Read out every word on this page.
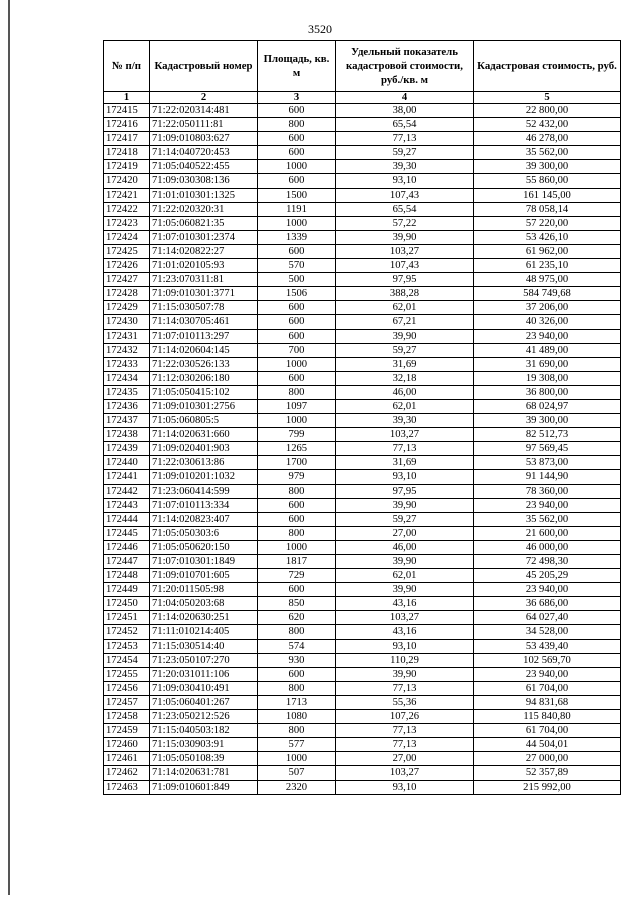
3520
№ п/п	Кадастровый номер	Площадь, кв. м	Удельный показатель кадастровой стоимости, руб./кв. м	Кадастровая стоимость, руб.
1	2	3	4	5
172415	71:22:020314:481	600	38,00	22 800,00
172416	71:22:050111:81	800	65,54	52 432,00
172417	71:09:010803:627	600	77,13	46 278,00
172418	71:14:040720:453	600	59,27	35 562,00
172419	71:05:040522:455	1000	39,30	39 300,00
172420	71:09:030308:136	600	93,10	55 860,00
172421	71:01:010301:1325	1500	107,43	161 145,00
172422	71:22:020320:31	1191	65,54	78 058,14
172423	71:05:060821:35	1000	57,22	57 220,00
172424	71:07:010301:2374	1339	39,90	53 426,10
172425	71:14:020822:27	600	103,27	61 962,00
172426	71:01:020105:93	570	107,43	61 235,10
172427	71:23:070311:81	500	97,95	48 975,00
172428	71:09:010301:3771	1506	388,28	584 749,68
172429	71:15:030507:78	600	62,01	37 206,00
172430	71:14:030705:461	600	67,21	40 326,00
172431	71:07:010113:297	600	39,90	23 940,00
172432	71:14:020604:145	700	59,27	41 489,00
172433	71:22:030526:133	1000	31,69	31 690,00
172434	71:12:030206:180	600	32,18	19 308,00
172435	71:05:050415:102	800	46,00	36 800,00
172436	71:09:010301:2756	1097	62,01	68 024,97
172437	71:05:060805:5	1000	39,30	39 300,00
172438	71:14:020631:660	799	103,27	82 512,73
172439	71:09:020401:903	1265	77,13	97 569,45
172440	71:22:030613:86	1700	31,69	53 873,00
172441	71:09:010201:1032	979	93,10	91 144,90
172442	71:23:060414:599	800	97,95	78 360,00
172443	71:07:010113:334	600	39,90	23 940,00
172444	71:14:020823:407	600	59,27	35 562,00
172445	71:05:050303:6	800	27,00	21 600,00
172446	71:05:050620:150	1000	46,00	46 000,00
172447	71:07:010301:1849	1817	39,90	72 498,30
172448	71:09:010701:605	729	62,01	45 205,29
172449	71:20:011505:98	600	39,90	23 940,00
172450	71:04:050203:68	850	43,16	36 686,00
172451	71:14:020630:251	620	103,27	64 027,40
172452	71:11:010214:405	800	43,16	34 528,00
172453	71:15:030514:40	574	93,10	53 439,40
172454	71:23:050107:270	930	110,29	102 569,70
172455	71:20:031011:106	600	39,90	23 940,00
172456	71:09:030410:491	800	77,13	61 704,00
172457	71:05:060401:267	1713	55,36	94 831,68
172458	71:23:050212:526	1080	107,26	115 840,80
172459	71:15:040503:182	800	77,13	61 704,00
172460	71:15:030903:91	577	77,13	44 504,01
172461	71:05:050108:39	1000	27,00	27 000,00
172462	71:14:020631:781	507	103,27	52 357,89
172463	71:09:010601:849	2320	93,10	215 992,00
